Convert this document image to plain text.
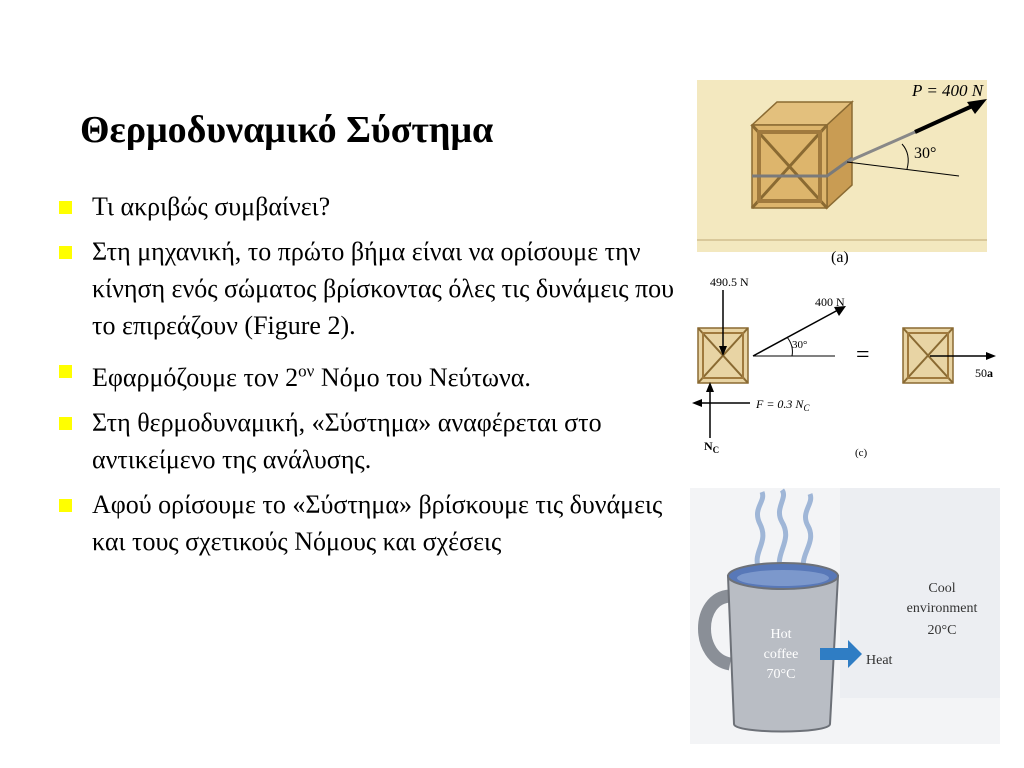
Θερμοδυναμικό Σύστημα
Τι ακριβώς συμβαίνει?
Στη μηχανική, το πρώτο βήμα είναι να ορίσουμε την κίνηση ενός σώματος βρίσκοντας όλες τις δυνάμεις που το επιρεάζουν (Figure 2).
Εφαρμόζουμε τον $2^{o\nu}$ Νόμο του Νεύτωνα.
Στη θερμοδυναμική, «Σύστημα» αναφέρεται στο αντικείμενο της ανάλυσης.
Αφού ορίσουμε το «Σύστημα» βρίσκουμε τις δυνάμεις και τους σχετικούς Νόμους και σχέσεις
P = 400 N
30°
(a)
490.5 N
400 N
30°
F = 0.3 $N_C$
$N_C$
=
50a
(c)
Hot
coffee
70°C
Heat
Cool
environment
20°C
